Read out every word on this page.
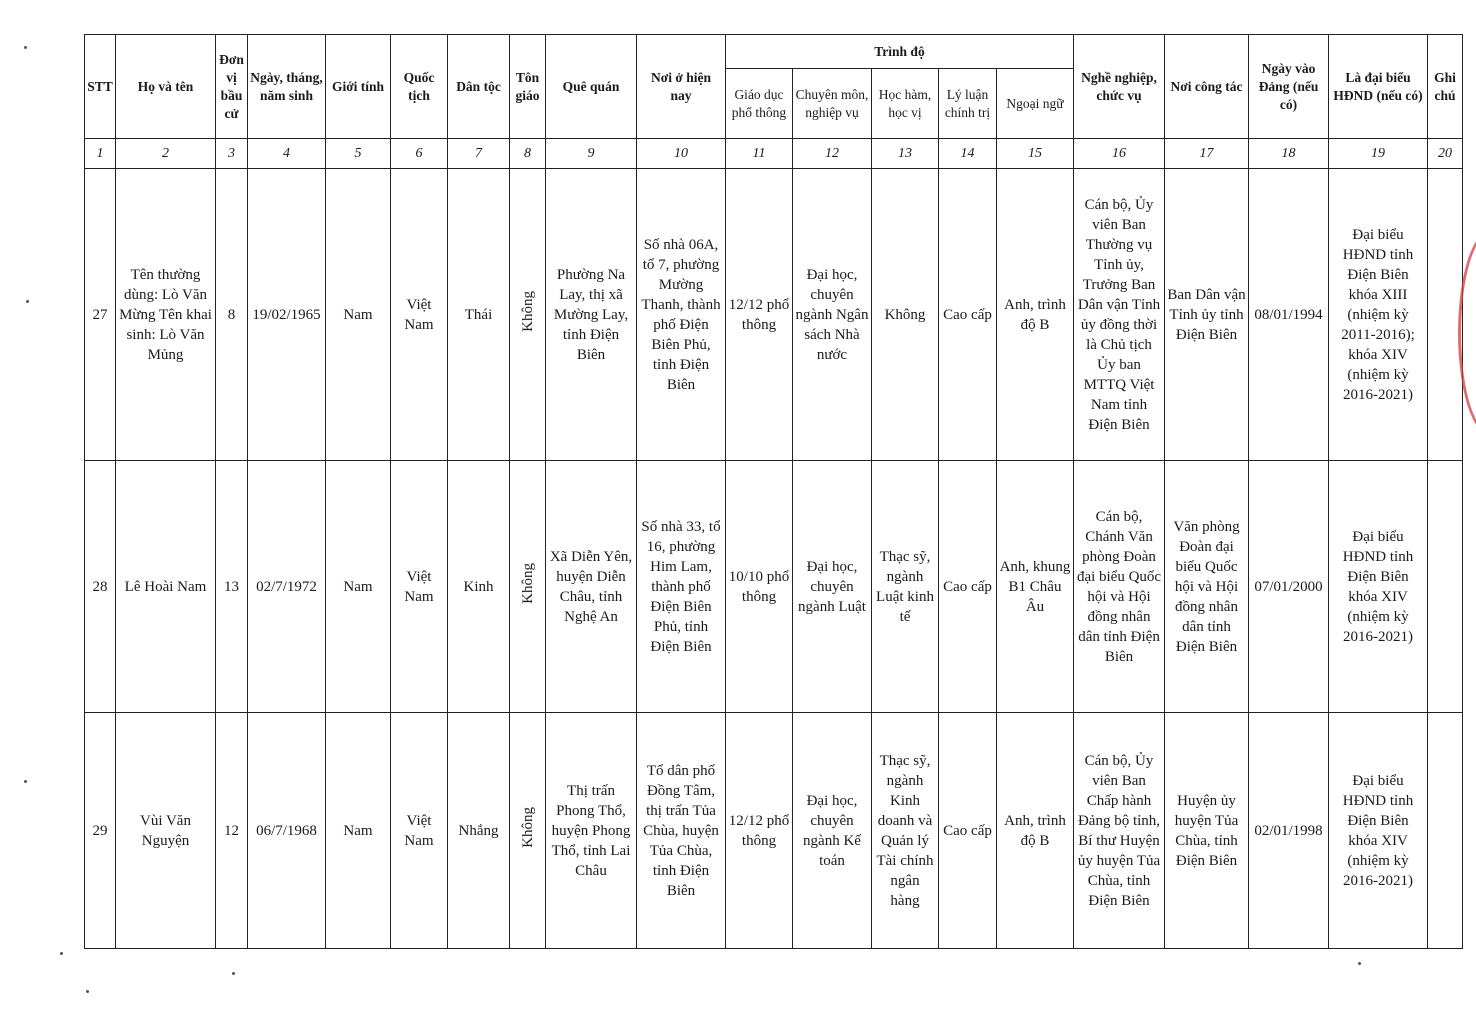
STT	Họ và tên	Đơn vị bầu cử	Ngày, tháng, năm sinh	Giới tính	Quốc tịch	Dân tộc	Tôn giáo	Quê quán	Nơi ở hiện nay	Trình độ					Nghề nghiệp, chức vụ	Nơi công tác	Ngày vào Đảng (nếu có)	Là đại biểu HĐND (nếu có)	Ghi chú
										Giáo dục phổ thông	Chuyên môn, nghiệp vụ	Học hàm, học vị	Lý luận chính trị	Ngoại ngữ					
1	2	3	4	5	6	7	8	9	10	11	12	13	14	15	16	17	18	19	20
27	Tên thường dùng: Lò Văn Mừng Tên khai sinh: Lò Văn Mủng	8	19/02/1965	Nam	Việt Nam	Thái	Không	Phường Na Lay, thị xã Mường Lay, tỉnh Điện Biên	Số nhà 06A, tổ 7, phường Mường Thanh, thành phố Điện Biên Phủ, tỉnh Điện Biên	12/12 phổ thông	Đại học, chuyên ngành Ngân sách Nhà nước	Không	Cao cấp	Anh, trình độ B	Cán bộ, Ủy viên Ban Thường vụ Tỉnh ủy, Trưởng Ban Dân vận Tỉnh ủy đồng thời là Chủ tịch Ủy ban MTTQ Việt Nam tỉnh Điện Biên	Ban Dân vận Tỉnh ủy tỉnh Điện Biên	08/01/1994	Đại biểu HĐND tỉnh Điện Biên khóa XIII (nhiệm kỳ 2011-2016); khóa XIV (nhiệm kỳ 2016-2021)	
28	Lê Hoài Nam	13	02/7/1972	Nam	Việt Nam	Kinh	Không	Xã Diễn Yên, huyện Diễn Châu, tỉnh Nghệ An	Số nhà 33, tổ 16, phường Him Lam, thành phố Điện Biên Phủ, tỉnh Điện Biên	10/10 phổ thông	Đại học, chuyên ngành Luật	Thạc sỹ, ngành Luật kinh tế	Cao cấp	Anh, khung B1 Châu Âu	Cán bộ, Chánh Văn phòng Đoàn đại biểu Quốc hội và Hội đồng nhân dân tỉnh Điện Biên	Văn phòng Đoàn đại biểu Quốc hội và Hội đồng nhân dân tỉnh Điện Biên	07/01/2000	Đại biểu HĐND tỉnh Điện Biên khóa XIV (nhiệm kỳ 2016-2021)	
29	Vùi Văn Nguyện	12	06/7/1968	Nam	Việt Nam	Nhắng	Không	Thị trấn Phong Thổ, huyện Phong Thổ, tỉnh Lai Châu	Tổ dân phố Đồng Tâm, thị trấn Tủa Chùa, huyện Tủa Chùa, tỉnh Điện Biên	12/12 phổ thông	Đại học, chuyên ngành Kế toán	Thạc sỹ, ngành Kinh doanh và Quản lý Tài chính ngân hàng	Cao cấp	Anh, trình độ B	Cán bộ, Ủy viên Ban Chấp hành Đảng bộ tỉnh, Bí thư Huyện ủy huyện Tủa Chùa, tỉnh Điện Biên	Huyện ủy huyện Tủa Chùa, tỉnh Điện Biên	02/01/1998	Đại biểu HĐND tỉnh Điện Biên khóa XIV (nhiệm kỳ 2016-2021)	
